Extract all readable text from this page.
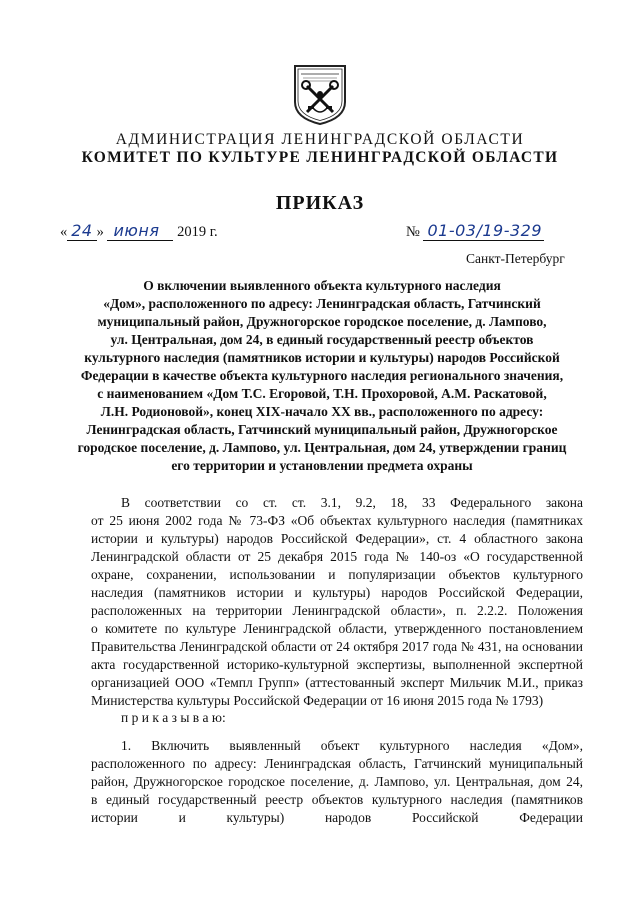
АДМИНИСТРАЦИЯ ЛЕНИНГРАДСКОЙ ОБЛАСТИ
КОМИТЕТ ПО КУЛЬТУРЕ ЛЕНИНГРАДСКОЙ ОБЛАСТИ
ПРИКАЗ
« 24 » июня 2019 г.	№ 01-03/19-329
Санкт-Петербург
О включении выявленного объекта культурного наследия
«Дом», расположенного по адресу: Ленинградская область, Гатчинский
муниципальный район, Дружногорское городское поселение, д. Лампово,
ул. Центральная, дом 24, в единый государственный реестр объектов
культурного наследия (памятников истории и культуры) народов Российской
Федерации в качестве объекта культурного наследия регионального значения,
с наименованием «Дом Т.С. Егоровой, Т.Н. Прохоровой, А.М. Раскатовой,
Л.Н. Родионовой», конец XIX-начало XX вв., расположенного по адресу:
Ленинградская область, Гатчинский муниципальный район, Дружногорское
городское поселение, д. Лампово, ул. Центральная, дом 24, утверждении границ
его территории и установлении предмета охраны
В соответствии со ст. ст. 3.1, 9.2, 18, 33 Федерального закона
от 25 июня 2002 года № 73-ФЗ «Об объектах культурного наследия (памятниках
истории и культуры) народов Российской Федерации», ст. 4 областного закона
Ленинградской области от 25 декабря 2015 года № 140-оз «О государственной
охране, сохранении, использовании и популяризации объектов культурного
наследия (памятников истории и культуры) народов Российской Федерации,
расположенных на территории Ленинградской области», п. 2.2.2. Положения
о комитете по культуре Ленинградской области, утвержденного постановлением
Правительства Ленинградской области от 24 октября 2017 года № 431, на основании
акта государственной историко-культурной экспертизы, выполненной экспертной
организацией ООО «Темпл Групп» (аттестованный эксперт Мильчик М.И., приказ
Министерства культуры Российской Федерации от 16 июня 2015 года № 1793)
п р и к а з ы в а ю:
1. Включить выявленный объект культурного наследия «Дом»,
расположенного по адресу: Ленинградская область, Гатчинский муниципальный
район, Дружногорское городское поселение, д. Лампово, ул. Центральная, дом 24,
в единый государственный реестр объектов культурного наследия (памятников
истории и культуры) народов Российской Федерации
